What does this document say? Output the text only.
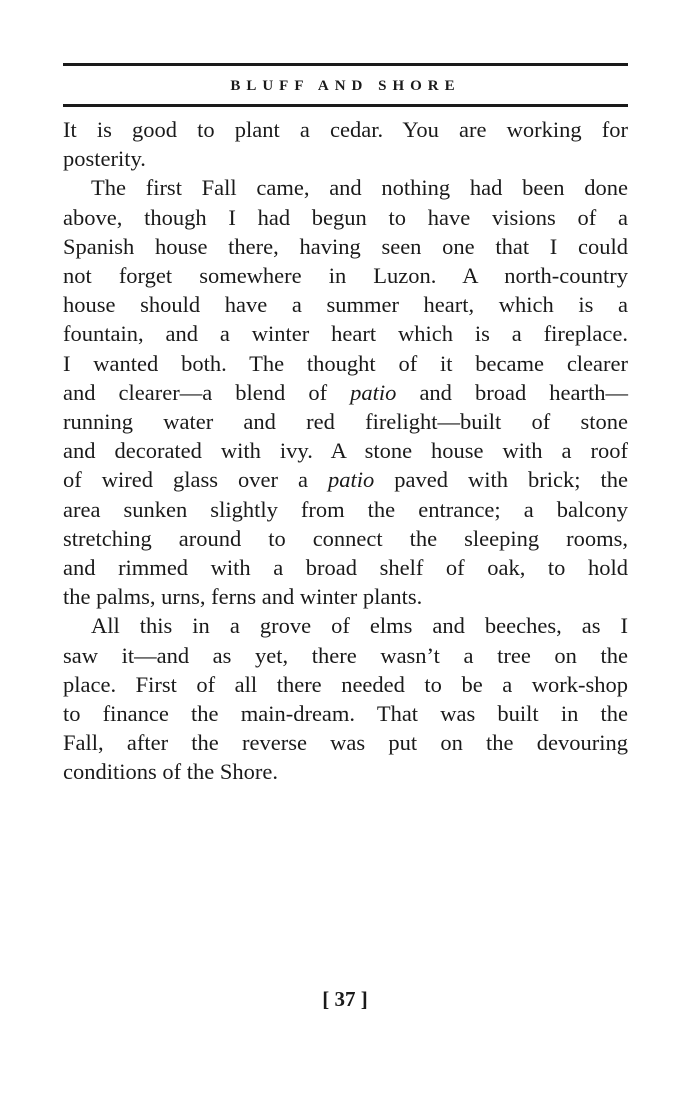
BLUFF AND SHORE
It is good to plant a cedar. You are working for
posterity.
The first Fall came, and nothing had been done
above, though I had begun to have visions of a
Spanish house there, having seen one that I could
not forget somewhere in Luzon. A north-country
house should have a summer heart, which is a
fountain, and a winter heart which is a fireplace.
I wanted both. The thought of it became clearer
and clearer—a blend of patio and broad hearth—
running water and red firelight—built of stone
and decorated with ivy. A stone house with a roof
of wired glass over a patio paved with brick; the
area sunken slightly from the entrance; a balcony
stretching around to connect the sleeping rooms,
and rimmed with a broad shelf of oak, to hold
the palms, urns, ferns and winter plants.
All this in a grove of elms and beeches, as I
saw it—and as yet, there wasn’t a tree on the
place. First of all there needed to be a work-shop
to finance the main-dream. That was built in the
Fall, after the reverse was put on the devouring
conditions of the Shore.
[ 37 ]
